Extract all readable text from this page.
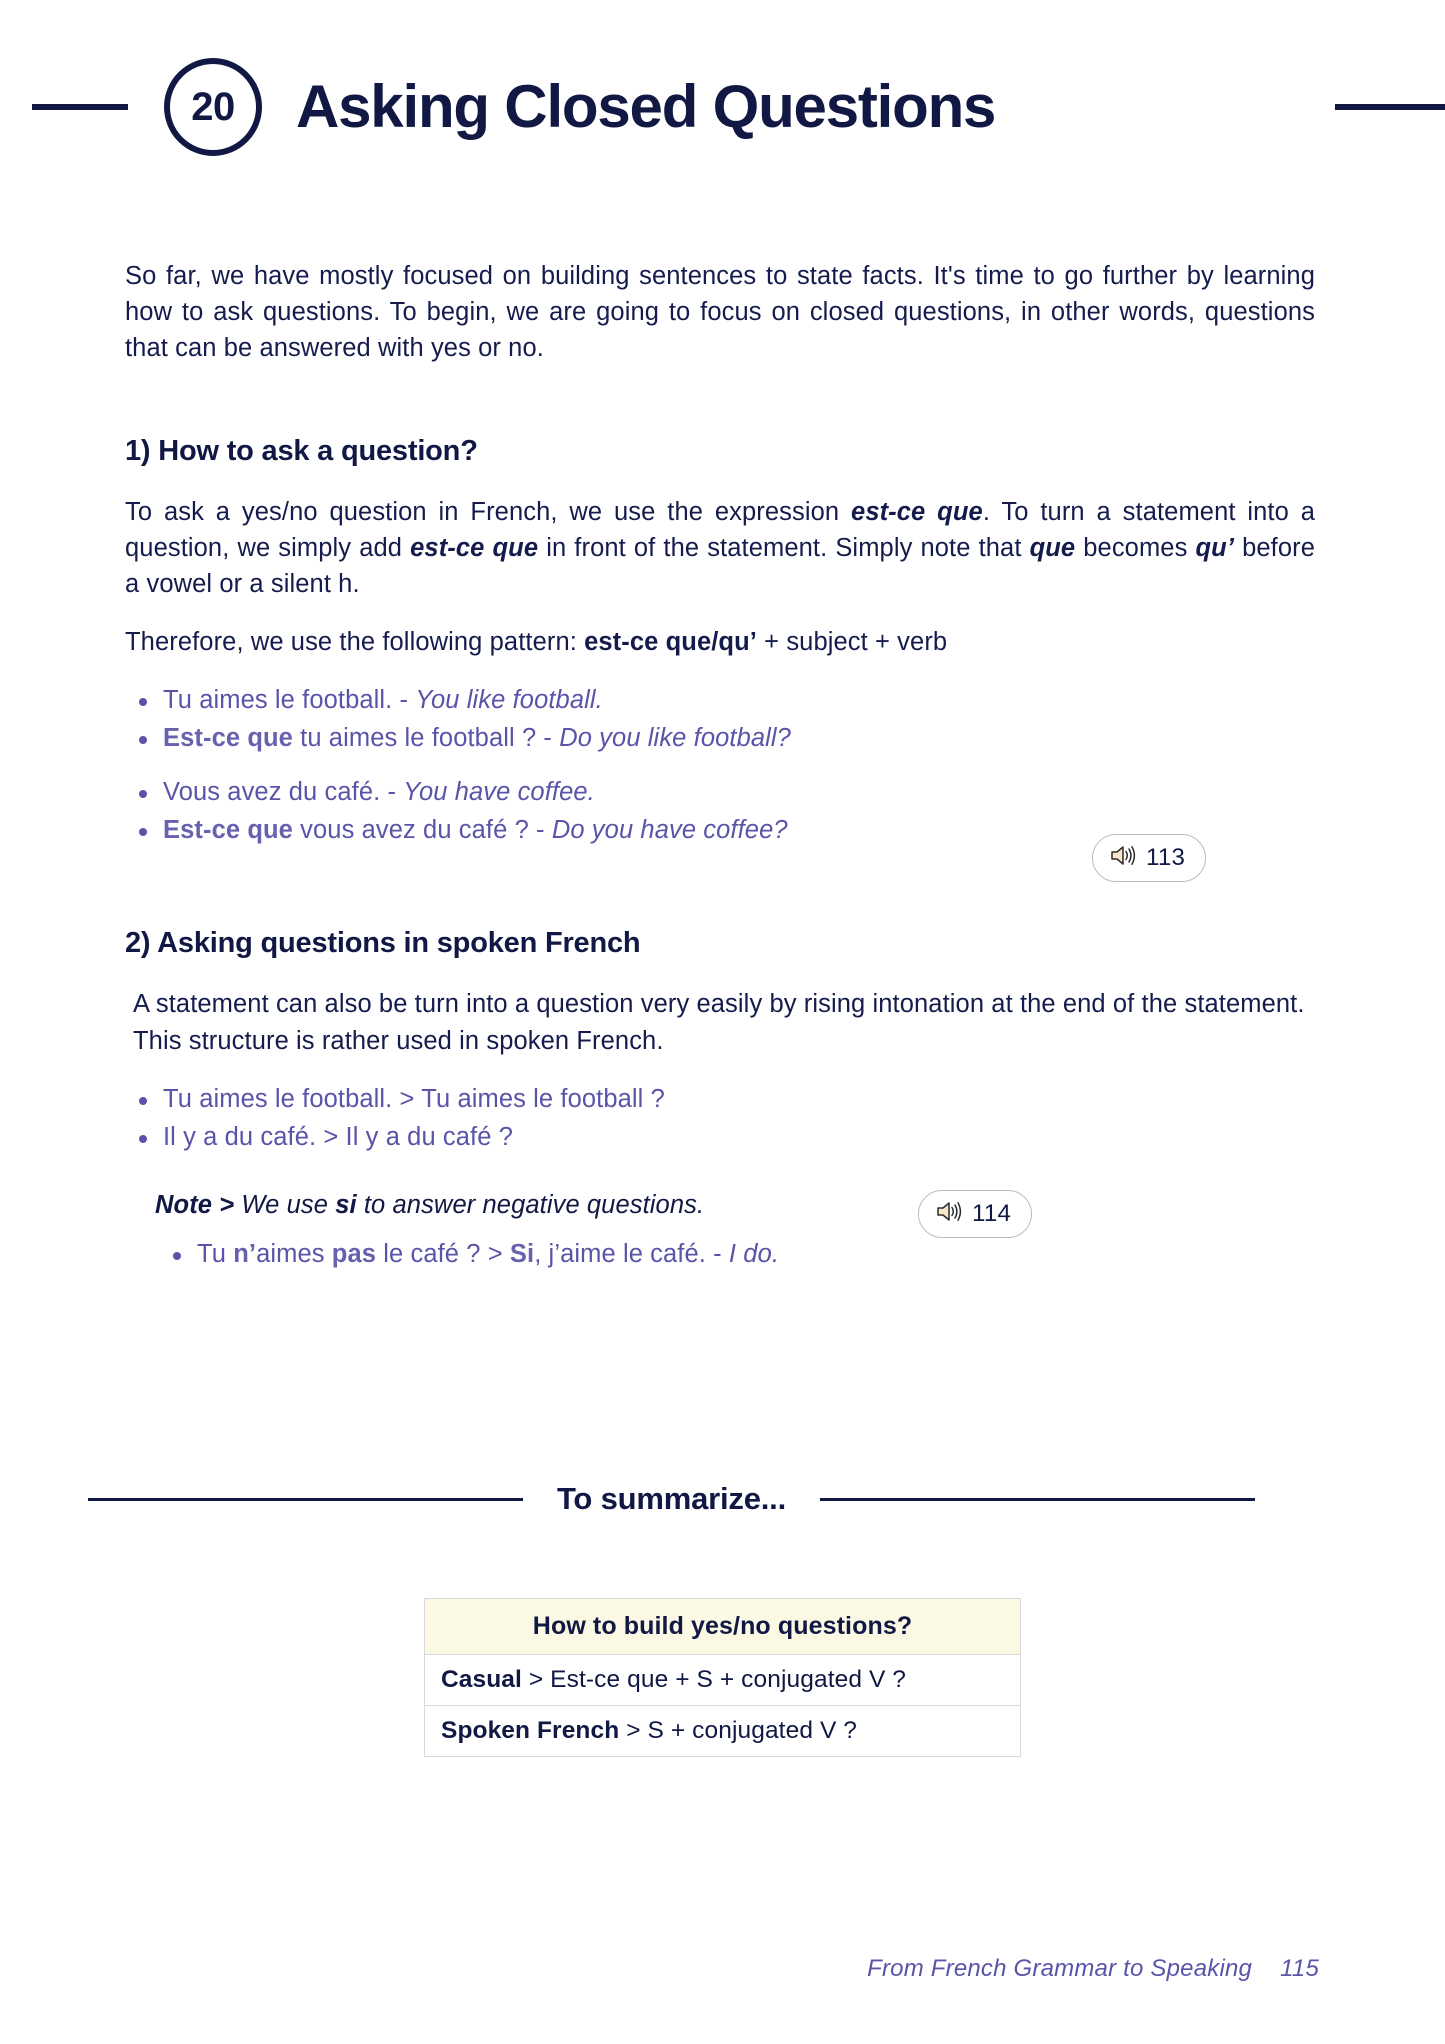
20 Asking Closed Questions

So far, we have mostly focused on building sentences to state facts. It's time to go further by learning how to ask questions. To begin, we are going to focus on closed questions, in other words, questions that can be answered with yes or no.

1) How to ask a question?

To ask a yes/no question in French, we use the expression est-ce que. To turn a statement into a question, we simply add est-ce que in front of the statement. Simply note that que becomes qu’ before a vowel or a silent h.

Therefore, we use the following pattern: est-ce que/qu’ + subject + verb

Tu aimes le football. - You like football.
Est-ce que tu aimes le football ? - Do you like football?
Vous avez du café. - You have coffee.
Est-ce que vous avez du café ? - Do you have coffee?
2) Asking questions in spoken French

A statement can also be turn into a question very easily by rising intonation at the end of the statement. This structure is rather used in spoken French.

Tu aimes le football. > Tu aimes le football ?
Il y a du café. > Il y a du café ?
Note > We use si to answer negative questions.
Tu n’aimes pas le café ? > Si, j’aime le café. - I do.
113
114
To summarize...
How to build yes/no questions?
Casual > Est-ce que + S + conjugated V ?
Spoken French > S + conjugated V ?
From French Grammar to Speaking 115
